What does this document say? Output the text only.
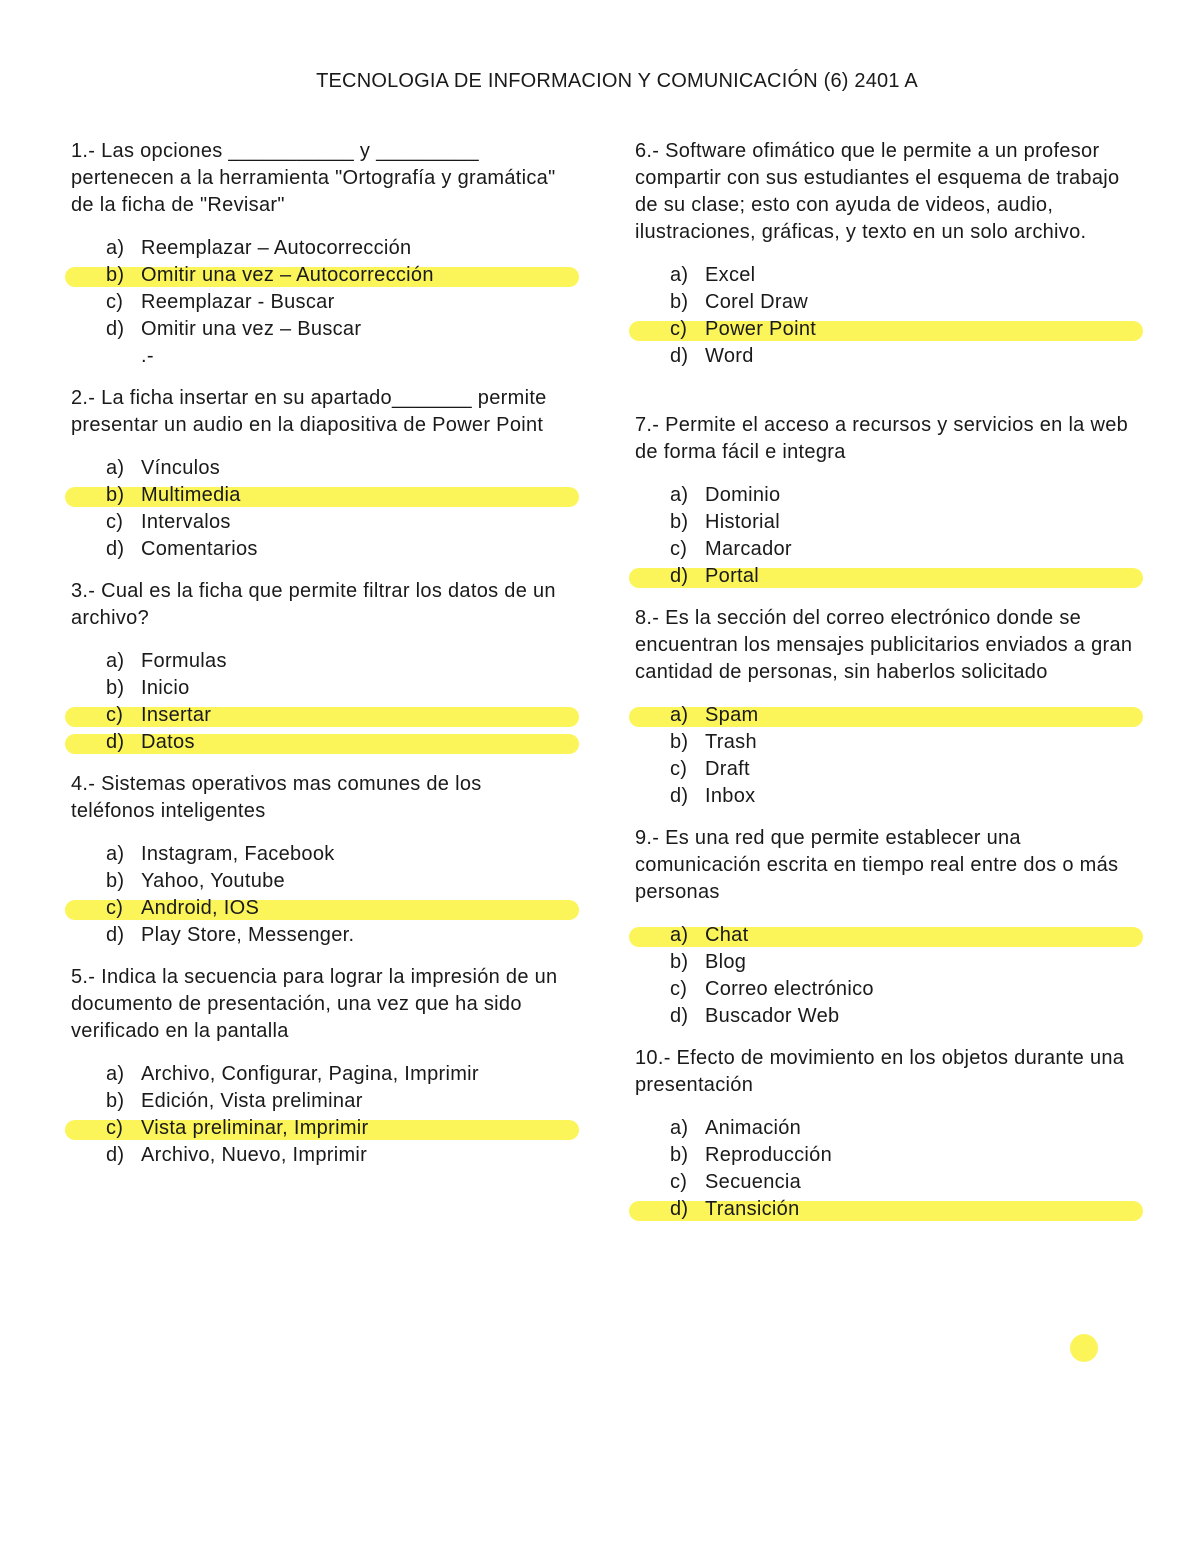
TECNOLOGIA DE INFORMACION Y COMUNICACIÓN (6) 2401 A

1.- Las opciones ___________ y _________ pertenecen a la herramienta "Ortografía y gramática" de la ficha de "Revisar"

a) Reemplazar – Autocorrección
b) Omitir una vez – Autocorrección
c) Reemplazar - Buscar
d) Omitir una vez – Buscar
.-

2.- La ficha insertar en su apartado_______ permite presentar un audio en la diapositiva de Power Point

a) Vínculos
b) Multimedia
c) Intervalos
d) Comentarios

3.- Cual es la ficha que permite filtrar los datos de un archivo?

a) Formulas
b) Inicio
c) Insertar
d) Datos

4.- Sistemas operativos mas comunes de los teléfonos inteligentes

a) Instagram, Facebook
b) Yahoo, Youtube
c) Android, IOS
d) Play Store, Messenger.

5.- Indica la secuencia para lograr la impresión de un documento de presentación, una vez que ha sido verificado en la pantalla

a) Archivo, Configurar, Pagina, Imprimir
b) Edición, Vista preliminar
c) Vista preliminar, Imprimir
d) Archivo, Nuevo, Imprimir

6.- Software ofimático que le permite a un profesor compartir con sus estudiantes el esquema de trabajo de su clase; esto con ayuda de videos, audio, ilustraciones, gráficas, y texto en un solo archivo.

a) Excel
b) Corel Draw
c) Power Point
d) Word

7.- Permite el acceso a recursos y servicios en la web de forma fácil e integra

a) Dominio
b) Historial
c) Marcador
d) Portal

8.- Es la sección del correo electrónico donde se encuentran los mensajes publicitarios enviados a gran cantidad de personas, sin haberlos solicitado

a) Spam
b) Trash
c) Draft
d) Inbox

9.- Es una red que permite establecer una comunicación escrita en tiempo real entre dos o más personas

a) Chat
b) Blog
c) Correo electrónico
d) Buscador Web

10.- Efecto de movimiento en los objetos durante una presentación

a) Animación
b) Reproducción
c) Secuencia
d) Transición
